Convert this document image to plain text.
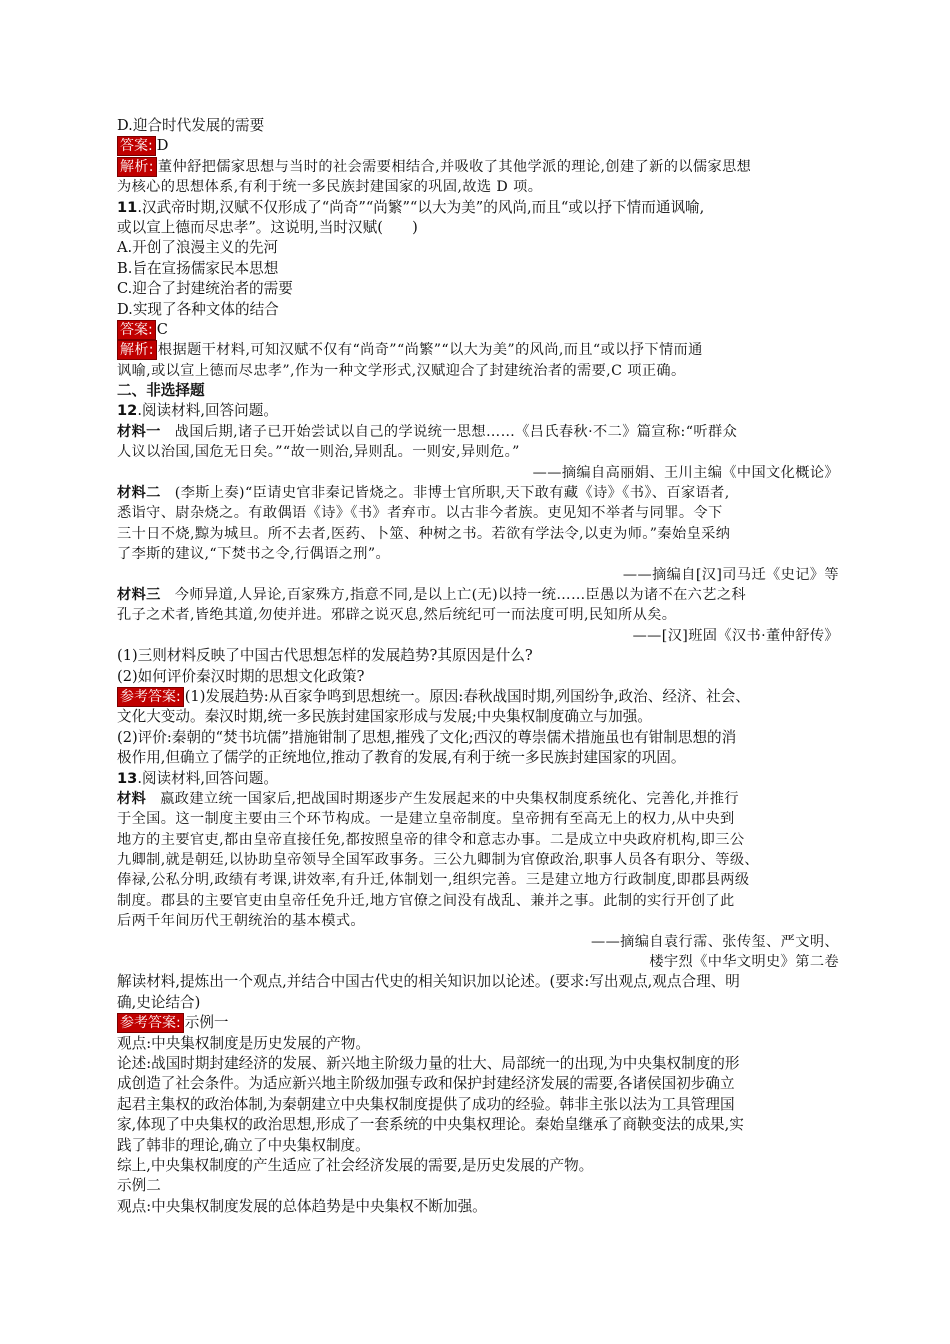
D.迎合时代发展的需要
答案: D
解析: 董仲舒把儒家思想与当时的社会需要相结合,并吸收了其他学派的理论,创建了新的以儒家思想
为核心的思想体系,有利于统一多民族封建国家的巩固,故选 D 项。
11.汉武帝时期,汉赋不仅形成了“尚奇”“尚繁”“以大为美”的风尚,而且“或以抒下情而通讽喻,
或以宣上德而尽忠孝”。这说明,当时汉赋(　　)
A.开创了浪漫主义的先河
B.旨在宣扬儒家民本思想
C.迎合了封建统治者的需要
D.实现了各种文体的结合
答案: C
解析: 根据题干材料,可知汉赋不仅有“尚奇”“尚繁”“以大为美”的风尚,而且“或以抒下情而通
讽喻,或以宣上德而尽忠孝”,作为一种文学形式,汉赋迎合了封建统治者的需要,C 项正确。
二、非选择题
12.阅读材料,回答问题。
材料一 战国后期,诸子已开始尝试以自己的学说统一思想……《吕氏春秋·不二》篇宣称:“听群众
人议以治国,国危无日矣。”“故一则治,异则乱。一则安,异则危。”
——摘编自高丽娟、王川主编《中国文化概论》
材料二 (李斯上奏)“臣请史官非秦记皆烧之。非博士官所职,天下敢有藏《诗》《书》、百家语者,
悉诣守、尉杂烧之。有敢偶语《诗》《书》者弃市。以古非今者族。吏见知不举者与同罪。令下
三十日不烧,黥为城旦。所不去者,医药、卜筮、种树之书。若欲有学法令,以吏为师。”秦始皇采纳
了李斯的建议,“下焚书之令,行偶语之刑”。
——摘编自[汉]司马迁《史记》等
材料三 今师异道,人异论,百家殊方,指意不同,是以上亡(无)以持一统……臣愚以为诸不在六艺之科
孔子之术者,皆绝其道,勿使并进。邪辟之说灭息,然后统纪可一而法度可明,民知所从矣。
——[汉]班固《汉书·董仲舒传》
(1)三则材料反映了中国古代思想怎样的发展趋势?其原因是什么?
(2)如何评价秦汉时期的思想文化政策?
参考答案: (1)发展趋势:从百家争鸣到思想统一。原因:春秋战国时期,列国纷争,政治、经济、社会、
文化大变动。秦汉时期,统一多民族封建国家形成与发展;中央集权制度确立与加强。
(2)评价:秦朝的“焚书坑儒”措施钳制了思想,摧残了文化;西汉的尊崇儒术措施虽也有钳制思想的消
极作用,但确立了儒学的正统地位,推动了教育的发展,有利于统一多民族封建国家的巩固。
13.阅读材料,回答问题。
材料 嬴政建立统一国家后,把战国时期逐步产生发展起来的中央集权制度系统化、完善化,并推行
于全国。这一制度主要由三个环节构成。一是建立皇帝制度。皇帝拥有至高无上的权力,从中央到
地方的主要官吏,都由皇帝直接任免,都按照皇帝的律令和意志办事。二是成立中央政府机构,即三公
九卿制,就是朝廷,以协助皇帝领导全国军政事务。三公九卿制为官僚政治,职事人员各有职分、等级、
俸禄,公私分明,政绩有考课,讲效率,有升迁,体制划一,组织完善。三是建立地方行政制度,即郡县两级
制度。郡县的主要官吏由皇帝任免升迁,地方官僚之间没有战乱、兼并之事。此制的实行开创了此
后两千年间历代王朝统治的基本模式。
——摘编自袁行霈、张传玺、严文明、
楼宇烈《中华文明史》第二卷
解读材料,提炼出一个观点,并结合中国古代史的相关知识加以论述。(要求:写出观点,观点合理、明
确,史论结合)
参考答案: 示例一
观点:中央集权制度是历史发展的产物。
论述:战国时期封建经济的发展、新兴地主阶级力量的壮大、局部统一的出现,为中央集权制度的形
成创造了社会条件。为适应新兴地主阶级加强专政和保护封建经济发展的需要,各诸侯国初步确立
起君主集权的政治体制,为秦朝建立中央集权制度提供了成功的经验。韩非主张以法为工具管理国
家,体现了中央集权的政治思想,形成了一套系统的中央集权理论。秦始皇继承了商鞅变法的成果,实
践了韩非的理论,确立了中央集权制度。
综上,中央集权制度的产生适应了社会经济发展的需要,是历史发展的产物。
示例二
观点:中央集权制度发展的总体趋势是中央集权不断加强。
